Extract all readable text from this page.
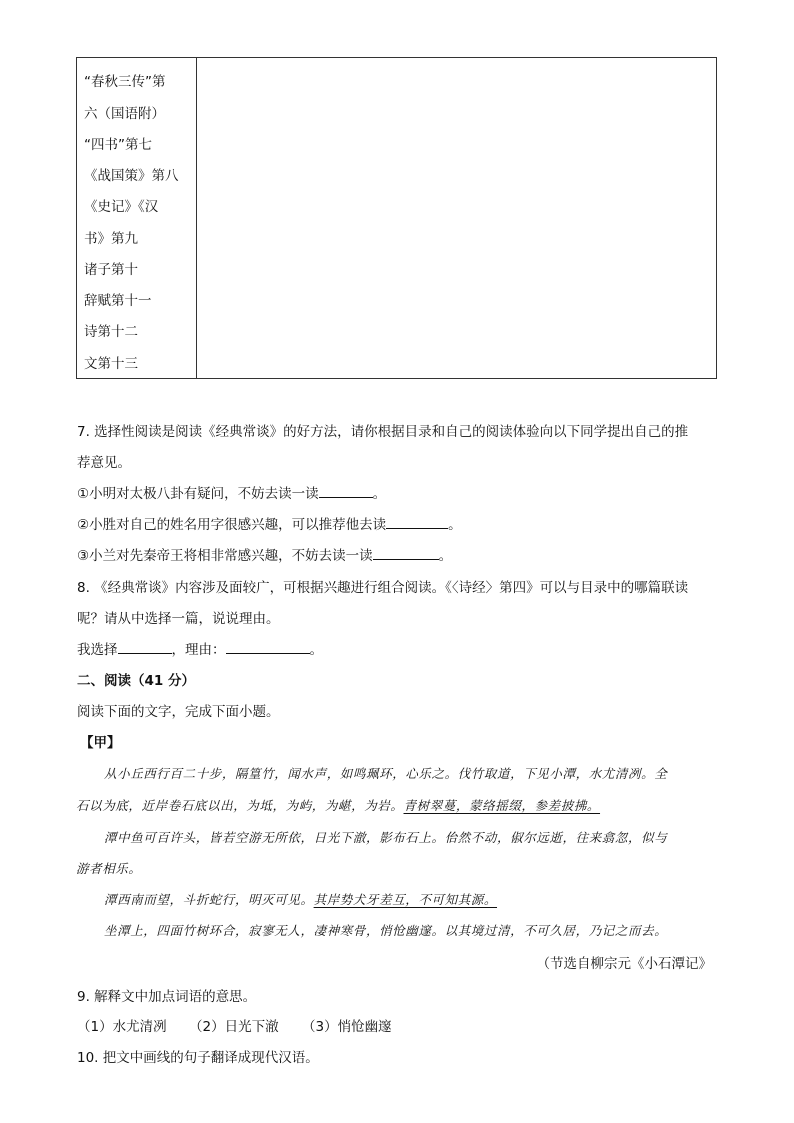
“春秋三传”第
六（国语附）
“四书”第七
《战国策》第八
《史记》《汉
书》第九
诸子第十
辞赋第十一
诗第十二
文第十三
7. 选择性阅读是阅读《经典常谈》的好方法，请你根据目录和自己的阅读体验向以下同学提出自己的推
荐意见。
①小明对太极八卦有疑问，不妨去读一读	。
②小胜对自己的姓名用字很感兴趣，可以推荐他去读	。
③小兰对先秦帝王将相非常感兴趣，不妨去读一读	。
8. 《经典常谈》内容涉及面较广，可根据兴趣进行组合阅读。《〈诗经〉第四》可以与目录中的哪篇联读
呢？请从中选择一篇，说说理由。
我选择	，理由：	。
二、阅读（41 分）
阅读下面的文字，完成下面小题。
【甲】
从小丘西行百二十步，隔篁竹，闻水声，如鸣珮环，心乐之。伐竹取道，下见小潭，水尤清冽。全
石以为底，近岸卷石底以出，为坻，为屿，为嵁，为岩。青树翠蔓，蒙络摇缀，参差披拂。
潭中鱼可百许头，皆若空游无所依，日光下澈，影布石上。佁然不动，俶尔远逝，往来翕忽，似与
游者相乐。
潭西南而望，斗折蛇行，明灭可见。其岸势犬牙差互，不可知其源。
坐潭上，四面竹树环合，寂寥无人，凄神寒骨，悄怆幽邃。以其境过清，不可久居，乃记之而去。
（节选自柳宗元《小石潭记》
9. 解释文中加点词语的意思。
（1）水尤清冽 （2）日光下澈 （3）悄怆幽邃
10. 把文中画线的句子翻译成现代汉语。
